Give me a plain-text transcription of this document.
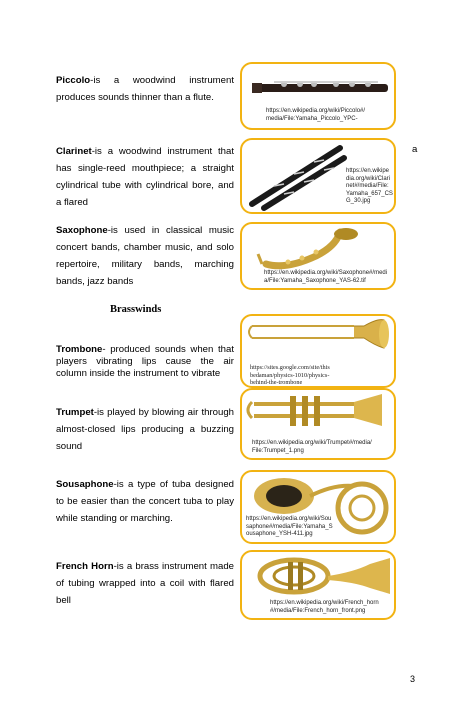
Piccolo-is a woodwind instrument produces sounds thinner than a flute.
https://en.wikipedia.org/wiki/Piccolo#/
media/File:Yamaha_Piccolo_YPC-
Clarinet-is a woodwind instrument that has single-reed mouthpiece; a straight cylindrical tube with cylindrical bore, and a flared
a
https://en.wikipe
dia.org/wiki/Clari
net#/media/File:
Yamaha_657_CS
G_30.jpg
Saxophone-is used in classical music concert bands, chamber music, and solo repertoire, military bands, marching bands, jazz bands
https://en.wikipedia.org/wiki/Saxophone#/medi
a/File:Yamaha_Saxophone_YAS-62.tif
Brasswinds
Trombone- produced sounds when that players vibrating lips cause the air column inside the instrument to vibrate
https://sites.google.com/site/this
bedaman/physics-1010/physics-
behind-the-trombone
Trumpet-is played by blowing air through almost-closed lips producing a buzzing sound	https://en.wikipedia.org/wiki/Trumpet#/media/
File:Trumpet_1.png
Sousaphone-is a type of tuba designed to be easier than the concert tuba to play while standing or marching.	https://en.wikipedia.org/wiki/Sou
saphone#/media/File:Yamaha_S
ousaphone_YSH-411.jpg
French Horn-is a brass instrument made of tubing wrapped into a coil with flared bell	https://en.wikipedia.org/wiki/French_horn
#/media/File:French_horn_front.png
3
